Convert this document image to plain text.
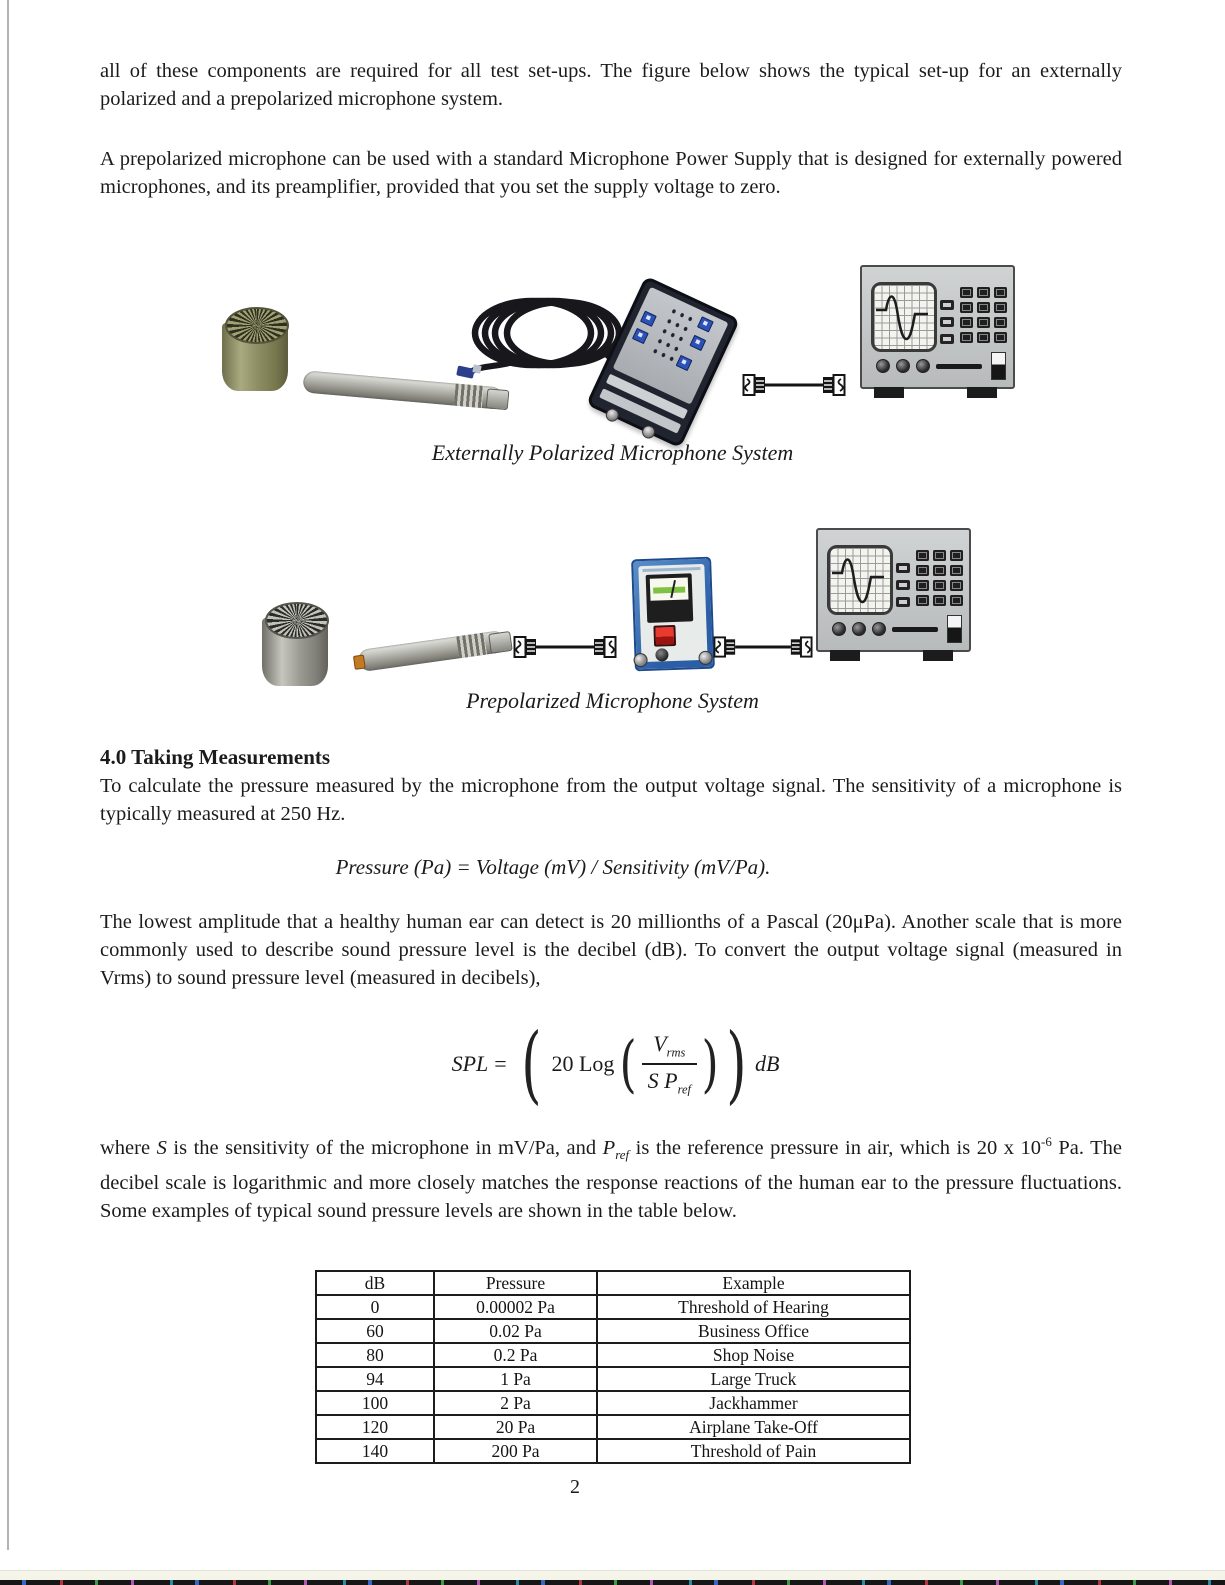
all of these components are required for all test set-ups. The figure below shows the typical set-up for an externally polarized and a prepolarized microphone system.

A prepolarized microphone can be used with a standard Microphone Power Supply that is designed for externally powered microphones, and its preamplifier, provided that you set the supply voltage to zero.

Externally Polarized Microphone System

Prepolarized Microphone System

4.0 Taking Measurements

To calculate the pressure measured by the microphone from the output voltage signal. The sensitivity of a microphone is typically measured at 250 Hz.

Pressure (Pa) = Voltage (mV) / Sensitivity (mV/Pa).

The lowest amplitude that a healthy human ear can detect is 20 millionths of a Pascal (20μPa). Another scale that is more commonly used to describe sound pressure level is the decibel (dB). To convert the output voltage signal (measured in Vrms) to sound pressure level (measured in decibels),

SPL = ( 20 Log ( $\frac{V_{rms}}{S P_{ref}}$ ) ) dB

where S is the sensitivity of the microphone in mV/Pa, and $P_{ref}$ is the reference pressure in air, which is 20 x $10^{-6}$ Pa. The decibel scale is logarithmic and more closely matches the response reactions of the human ear to the pressure fluctuations. Some examples of typical sound pressure levels are shown in the table below.

dB	Pressure	Example
0	0.00002 Pa	Threshold of Hearing
60	0.02 Pa	Business Office
80	0.2 Pa	Shop Noise
94	1 Pa	Large Truck
100	2 Pa	Jackhammer
120	20 Pa	Airplane Take-Off
140	200 Pa	Threshold of Pain
2
